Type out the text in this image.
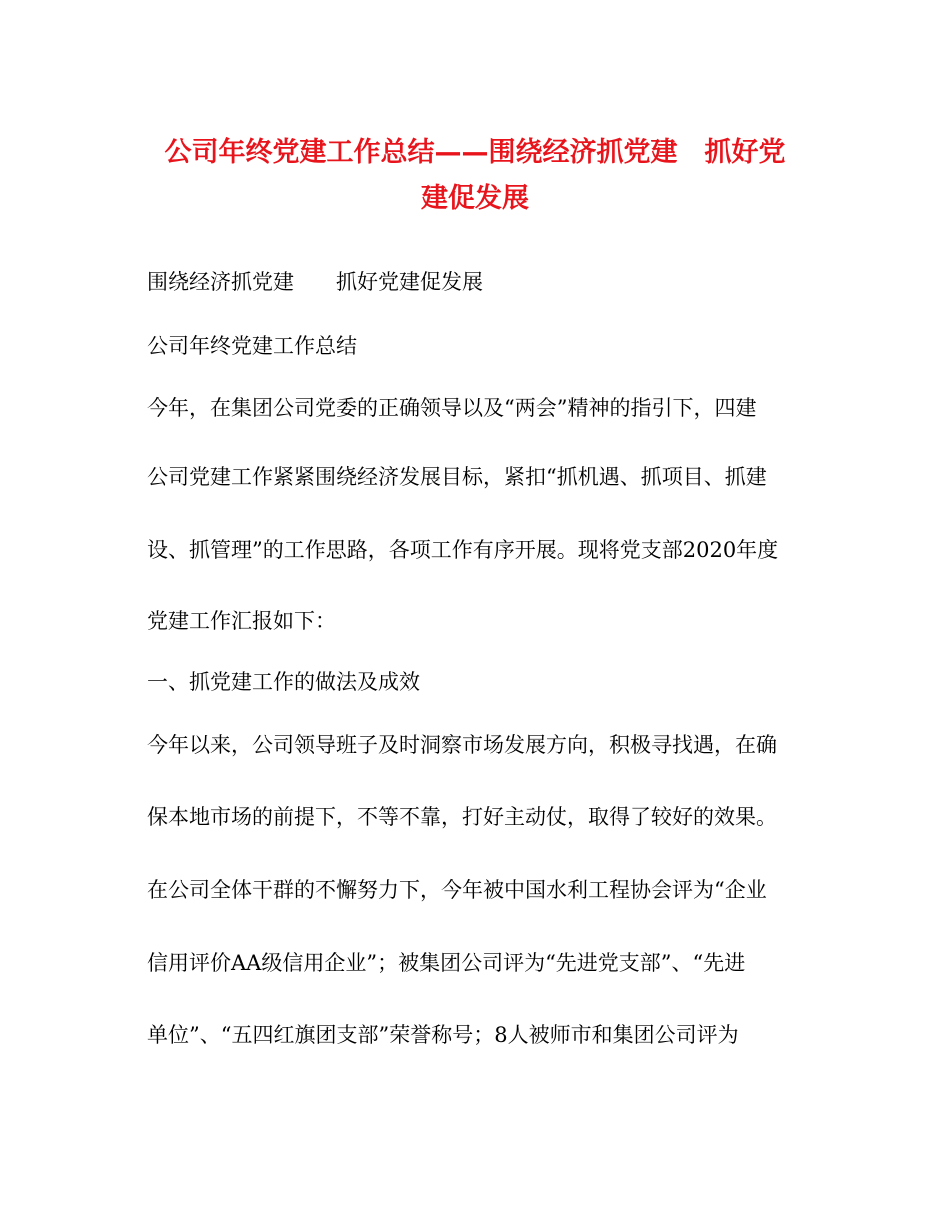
公司年终党建工作总结——围绕经济抓党建　抓好党
建促发展

围绕经济抓党建　　抓好党建促发展

公司年终党建工作总结

今年，在集团公司党委的正确领导以及“两会”精神的指引下，四建

公司党建工作紧紧围绕经济发展目标，紧扣“抓机遇、抓项目、抓建

设、抓管理”的工作思路，各项工作有序开展。现将党支部2020年度

党建工作汇报如下：

一、抓党建工作的做法及成效

今年以来，公司领导班子及时洞察市场发展方向，积极寻找遇，在确

保本地市场的前提下，不等不靠，打好主动仗，取得了较好的效果。

在公司全体干群的不懈努力下，今年被中国水利工程协会评为“企业

信用评价AA级信用企业”；被集团公司评为“先进党支部”、“先进

单位”、“五四红旗团支部”荣誉称号；8人被师市和集团公司评为
